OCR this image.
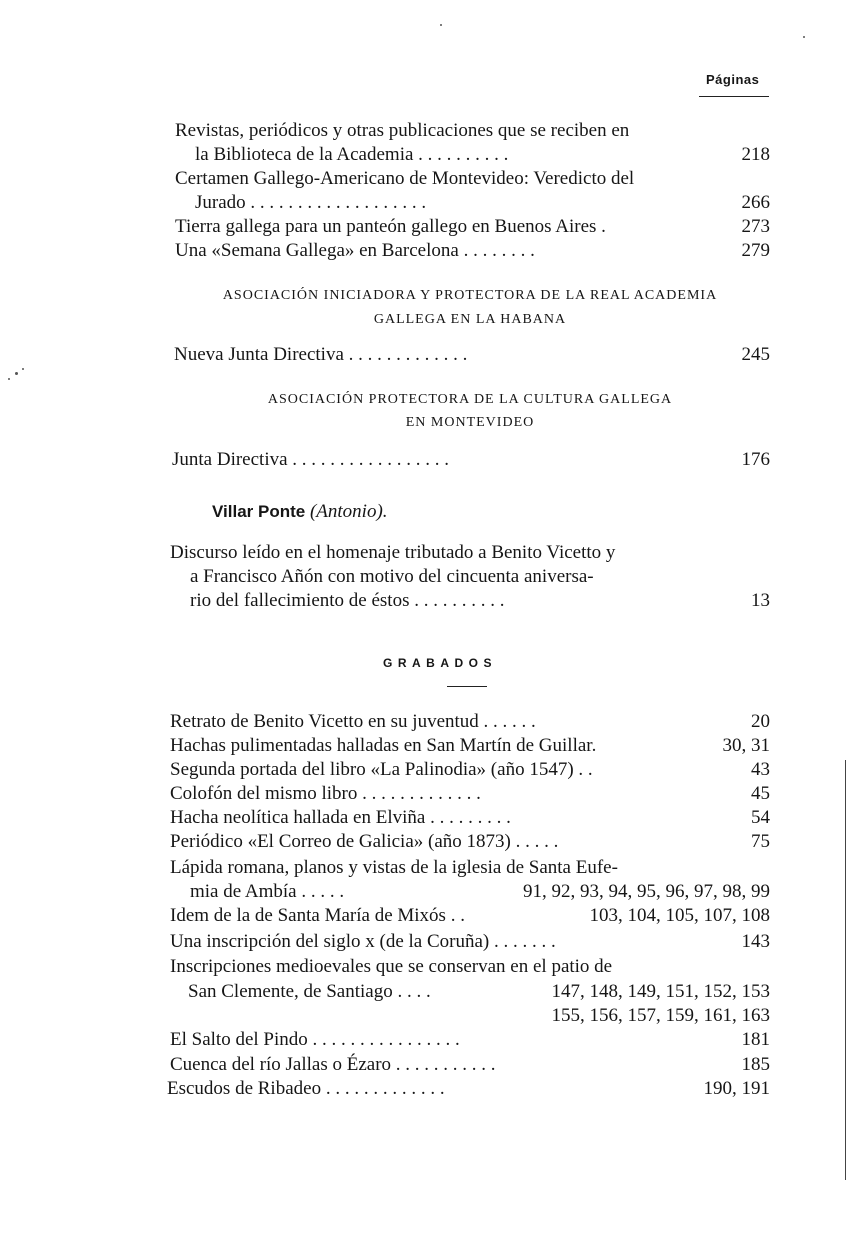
Páginas
Revistas, periódicos y otras publicaciones que se reciben en
la Biblioteca de la Academia . . . . . . . . . .	218
Certamen Gallego-Americano de Montevideo: Veredicto del
Jurado . . . . . . . . . . . . . . . . . . .	266
Tierra gallega para un panteón gallego en Buenos Aires .	273
Una «Semana Gallega» en Barcelona . . . . . . . .	279
ASOCIACIÓN INICIADORA Y PROTECTORA DE LA REAL ACADEMIA
GALLEGA EN LA HABANA
Nueva Junta Directiva . . . . . . . . . . . . .	245
ASOCIACIÓN PROTECTORA DE LA CULTURA GALLEGA
EN MONTEVIDEO
Junta Directiva . . . . . . . . . . . . . . . . .	176
Villar Ponte (Antonio).
Discurso leído en el homenaje tributado a Benito Vicetto y
a Francisco Añón con motivo del cincuenta aniversa-
rio del fallecimiento de éstos . . . . . . . . . .	13
GRABADOS
Retrato de Benito Vicetto en su juventud . . . . . .	20
Hachas pulimentadas halladas en San Martín de Guillar.	30, 31
Segunda portada del libro «La Palinodia» (año 1547) . .	43
Colofón del mismo libro . . . . . . . . . . . . .	45
Hacha neolítica hallada en Elviña . . . . . . . . .	54
Periódico «El Correo de Galicia» (año 1873) . . . . .	75
Lápida romana, planos y vistas de la iglesia de Santa Eufe-
mia de Ambía . . . . .	91, 92, 93, 94, 95, 96, 97, 98, 99
Idem de la de Santa María de Mixós . .	103, 104, 105, 107, 108
Una inscripción del siglo x (de la Coruña) . . . . . . .	143
Inscripciones medioevales que se conservan en el patio de
San Clemente, de Santiago . . . .	147, 148, 149, 151, 152, 153
155, 156, 157, 159, 161, 163
El Salto del Pindo . . . . . . . . . . . . . . . .	181
Cuenca del río Jallas o Ézaro . . . . . . . . . . .	185
Escudos de Ribadeo . . . . . . . . . . . . .	190, 191
